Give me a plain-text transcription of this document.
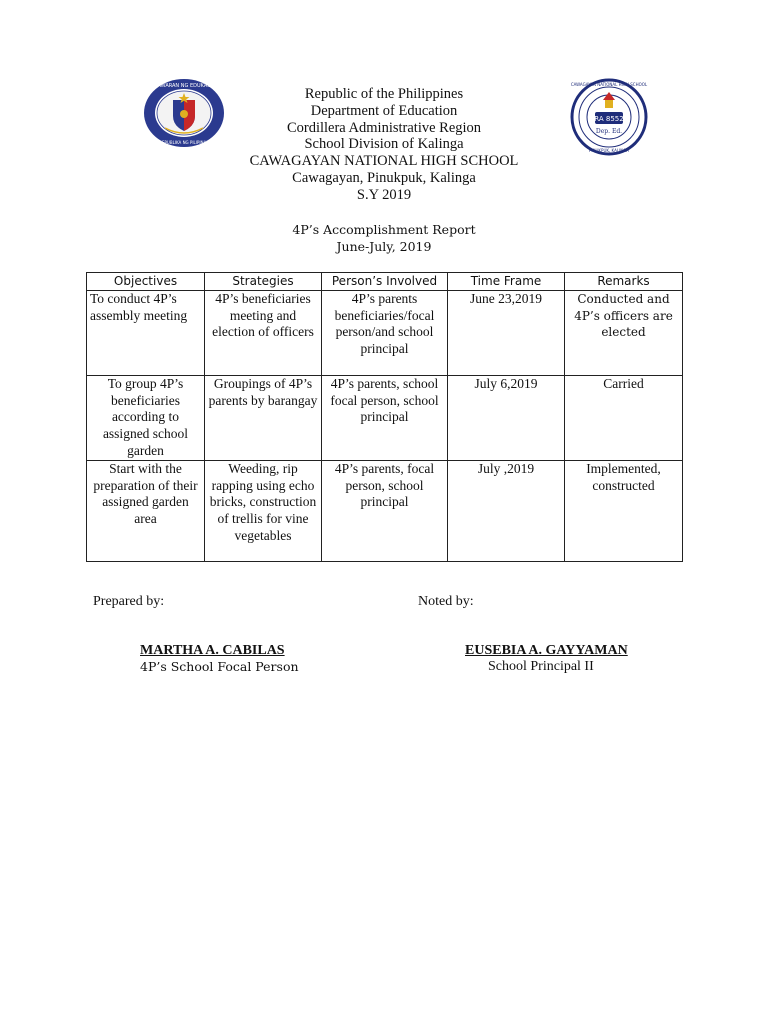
KAGAWARAN NG EDUKASYON
REPUBLIKA NG PILIPINAS
RA 8552
Dep. Ed.
CAWAGAYAN NATIONAL HIGH SCHOOL
PINUKPUK, KALINGA
Republic of the Philippines
Department of Education
Cordillera Administrative Region
School Division of Kalinga
CAWAGAYAN NATIONAL HIGH SCHOOL
Cawagayan, Pinukpuk, Kalinga
S.Y 2019
4P’s Accomplishment Report
June-July, 2019
Objectives	Strategies	Person’s Involved	Time Frame	Remarks
To conduct 4P’s assembly meeting	4P’s beneficiaries meeting and election of officers	4P’s parents beneficiaries/focal person/and school principal	June 23,2019	Conducted and 4P’s officers are elected
To group 4P’s beneficiaries according to assigned school garden	Groupings of 4P’s parents by barangay	4P’s parents, school focal person, school principal	July 6,2019	Carried
Start with the preparation of their assigned garden area	Weeding, rip rapping using echo bricks, construction of trellis for vine vegetables	4P’s parents, focal person, school principal	July ,2019	Implemented, constructed
Prepared by:	Noted by:
MARTHA A. CABILAS
4P’s School Focal Person
EUSEBIA A. GAYYAMAN
School Principal II
